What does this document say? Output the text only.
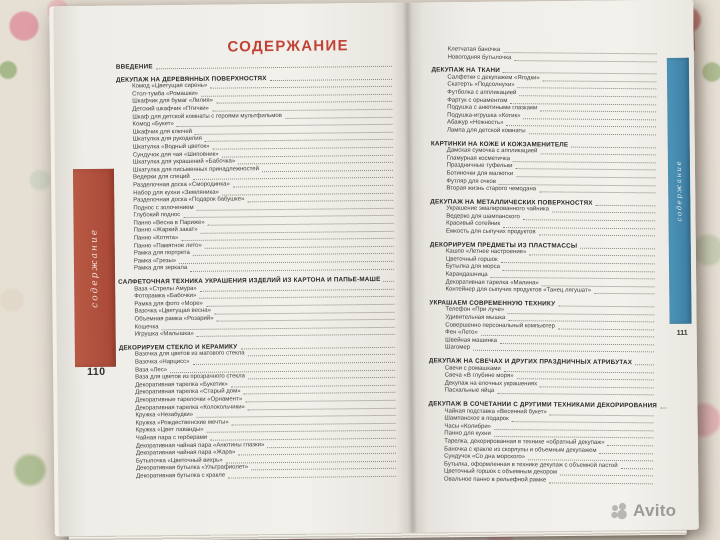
содержание
110
СОДЕРЖАНИЕ
ВВЕДЕНИЕ
ДЕКУПАЖ НА ДЕРЕВЯННЫХ ПОВЕРХНОСТЯХ
Комод «Цветущая сирень»
Стол-тумба «Ромашки»
Шкафчик для бумаг «Лилия»
Детский шкафчик «Птички»
Шкаф для детской комнаты с героями мультфильмов
Комод «Букет»
Шкафчик для ключей
Шкатулка для рукоделия
Шкатулка «Водный цветок»
Сундучок для чая «Шиповник»
Шкатулка для украшений «Бабочка»
Шкатулка для письменных принадлежностей
Ведерки для специй
Разделочная доска «Смородинка»
Набор для кухни «Земляника»
Разделочная доска «Подарок бабушке»
Поднос с золочением
Глубокий поднос
Панно «Весна в Париже»
Панно «Жаркий закат»
Панно «Котята»
Панно «Памятное лето»
Рамка для портрета
Рамка «Грезы»
Рамка для зеркала
САЛФЕТОЧНАЯ ТЕХНИКА УКРАШЕНИЯ ИЗДЕЛИЙ ИЗ КАРТОНА И ПАПЬЕ-МАШЕ
Ваза «Стрелы Амура»
Фоторамка «Бабочки»
Рамка для фото «Море»
Вазочка «Цветущая весна»
Объемная рамка «Розарий»
Кошечка
Игрушка «Малышка»
ДЕКОРИРУЕМ СТЕКЛО И КЕРАМИКУ
Вазочка для цветов из матового стекла
Вазочка «Нарцисс»
Ваза «Лес»
Ваза для цветов из прозрачного стекла
Декоративная тарелка «Букетик»
Декоративная тарелка «Старый дом»
Декоративные тарелочки «Орнамент»
Декоративная тарелка «Колокольчики»
Кружка «Незабудки»
Кружка «Рождественские мечты»
Кружка «Цвет лаванды»
Чайная пара с герберами
Декоративная чайная пара «Анютины глазки»
Декоративная чайная пара «Жара»
Бутылочка «Цветочный вихрь»
Декоративная бутылка «Ультрафиолет»
Декоративная бутылка с кракле
Клетчатая баночка
Новогодняя бутылочка
ДЕКУПАЖ НА ТКАНИ
Салфетки с декупажем «Ягодки»
Скатерть «Подсолнухи»
Футболка с аппликацией
Фартук с орнаментом
Подушка с анютиными глазками
Подушка-игрушка «Котик»
Абажур «Нежность»
Лампа для детской комнаты
КАРТИНКИ НА КОЖЕ И КОЖЗАМЕНИТЕЛЕ
Дамская сумочка с аппликацией
Гламурная косметичка
Праздничные туфельки
Ботиночки для малютки
Футляр для очков
Вторая жизнь старого чемодана
ДЕКУПАЖ НА МЕТАЛЛИЧЕСКИХ ПОВЕРХНОСТЯХ
Украшение эмалированного чайника
Ведерко для шампанского
Красивый сотейник
Емкость для сыпучих продуктов
ДЕКОРИРУЕМ ПРЕДМЕТЫ ИЗ ПЛАСТМАССЫ
Кашпо «Летнее настроение»
Цветочный горшок
Бутылка для морса
Карандашница
Декоративная тарелка «Малина»
Контейнер для сыпучих продуктов «Танец лягушат»
УКРАШАЕМ СОВРЕМЕННУЮ ТЕХНИКУ
Телефон «При луче»
Удивительная мышка
Совершенно персональный компьютер
Фен «Лето»
Швейная машинка
Шагомер
ДЕКУПАЖ НА СВЕЧАХ И ДРУГИХ ПРАЗДНИЧНЫХ АТРИБУТАХ
Свечи с ромашками
Свеча «В глубине моря»
Декупаж на елочных украшениях
Пасхальные яйца
ДЕКУПАЖ В СОЧЕТАНИИ С ДРУГИМИ ТЕХНИКАМИ ДЕКОРИРОВАНИЯ
Чайная подставка «Весенний букет»
Шампанское в подарок
Часы «Колибри»
Панно для кухни
Тарелка, декорированная в технике «обратный декупаж»
Баночка с кракле из скорлупы и объемным декупажем
Сундучок «Со дна морского»
Бутылка, оформленная в технике декупаж с объемной пастой
Цветочный горшок с объемным декором
Овальное панно в рельефной рамке
содержание
111
Avito
